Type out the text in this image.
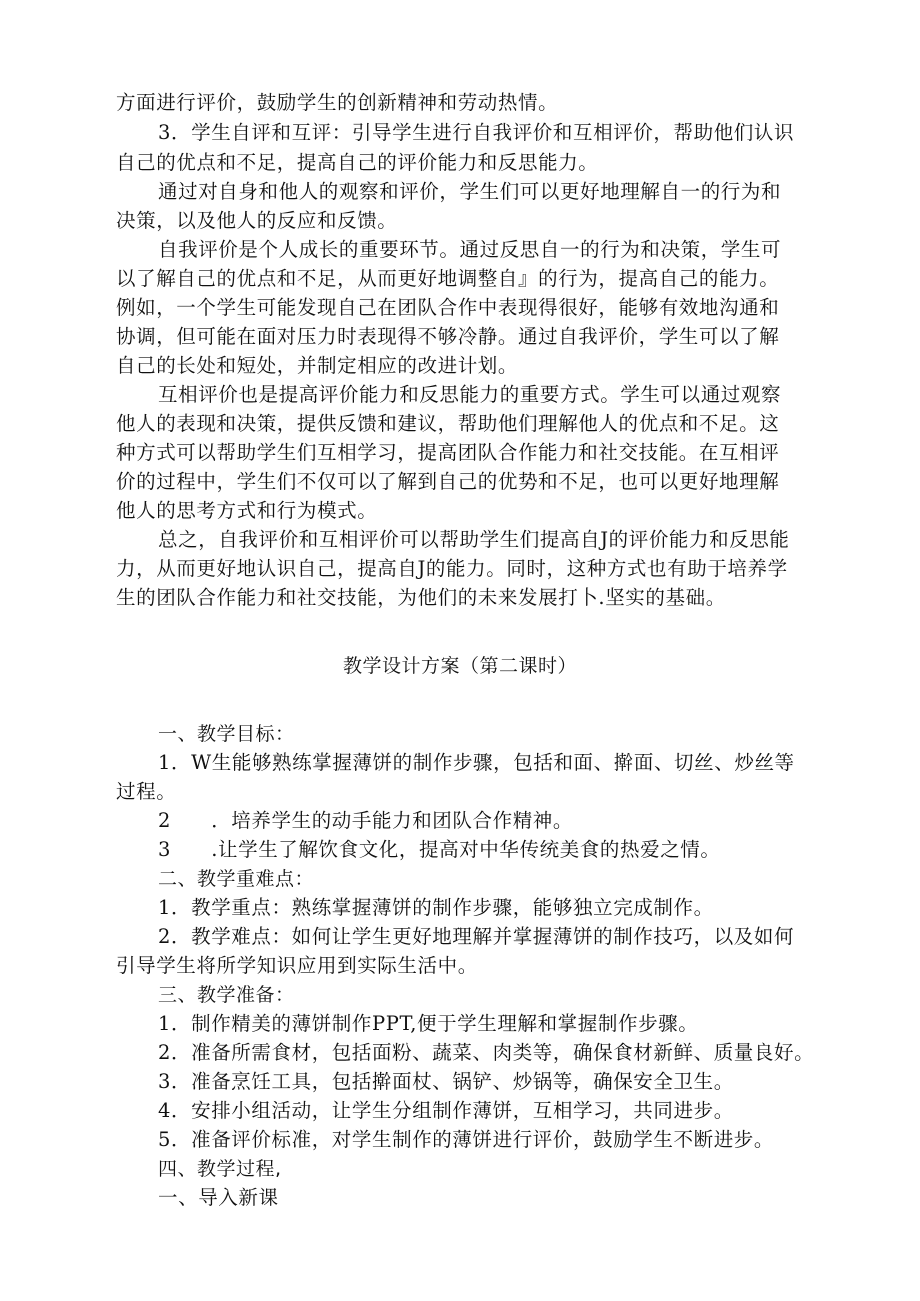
方面进行评价，鼓励学生的创新精神和劳动热情。
3．学生自评和互评：引导学生进行自我评价和互相评价，帮助他们认识
自己的优点和不足，提高自己的评价能力和反思能力。
通过对自身和他人的观察和评价，学生们可以更好地理解自一的行为和
决策，以及他人的反应和反馈。
自我评价是个人成长的重要环节。通过反思自一的行为和决策，学生可
以了解自己的优点和不足，从而更好地调整自』的行为，提高自己的能力。
例如，一个学生可能发现自己在团队合作中表现得很好，能够有效地沟通和
协调，但可能在面对压力时表现得不够冷静。通过自我评价，学生可以了解
自己的长处和短处，并制定相应的改进计划。
互相评价也是提高评价能力和反思能力的重要方式。学生可以通过观察
他人的表现和决策，提供反馈和建议，帮助他们理解他人的优点和不足。这
种方式可以帮助学生们互相学习，提高团队合作能力和社交技能。在互相评
价的过程中，学生们不仅可以了解到自己的优势和不足，也可以更好地理解
他人的思考方式和行为模式。
总之，自我评价和互相评价可以帮助学生们提高自J的评价能力和反思能
力，从而更好地认识自己，提高自J的能力。同时，这种方式也有助于培养学
生的团队合作能力和社交技能，为他们的未来发展打卜.坚实的基础。
教学设计方案（第二课时）
一、教学目标：
1．W生能够熟练掌握薄饼的制作步骤，包括和面、擀面、切丝、炒丝等
过程。
2　　．培养学生的动手能力和团队合作精神。
3　　.让学生了解饮食文化，提高对中华传统美食的热爱之情。
二、教学重难点：
1．教学重点：熟练掌握薄饼的制作步骤，能够独立完成制作。
2．教学难点：如何让学生更好地理解并掌握薄饼的制作技巧，以及如何
引导学生将所学知识应用到实际生活中。
三、教学准备：
1．制作精美的薄饼制作PPT,便于学生理解和掌握制作步骤。
2．准备所需食材，包括面粉、蔬菜、肉类等，确保食材新鲜、质量良好。
3．准备烹饪工具，包括擀面杖、锅铲、炒锅等，确保安全卫生。
4．安排小组活动，让学生分组制作薄饼，互相学习，共同进步。
5．准备评价标准，对学生制作的薄饼进行评价，鼓励学生不断进步。
四、教学过程,
一、导入新课
